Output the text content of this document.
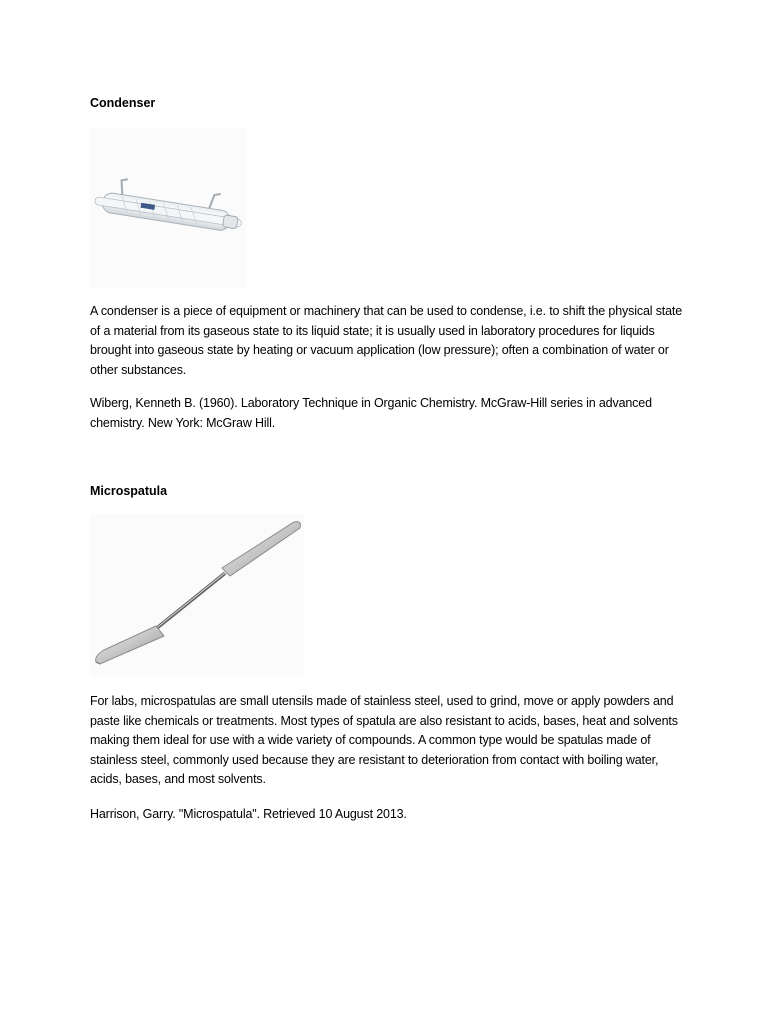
Condenser
A condenser is a piece of equipment or machinery that can be used to condense, i.e. to shift the physical state of a material from its gaseous state to its liquid state; it is usually used in laboratory procedures for liquids brought into gaseous state by heating or vacuum application (low pressure); often a combination of water or other substances.
Wiberg, Kenneth B. (1960). Laboratory Technique in Organic Chemistry. McGraw-Hill series in advanced chemistry. New York: McGraw Hill.
Microspatula
For labs, microspatulas are small utensils made of stainless steel, used to grind, move or apply powders and paste like chemicals or treatments. Most types of spatula are also resistant to acids, bases, heat and solvents making them ideal for use with a wide variety of compounds. A common type would be spatulas made of stainless steel, commonly used because they are resistant to deterioration from contact with boiling water, acids, bases, and most solvents.
Harrison, Garry. "Microspatula". Retrieved 10 August 2013.
